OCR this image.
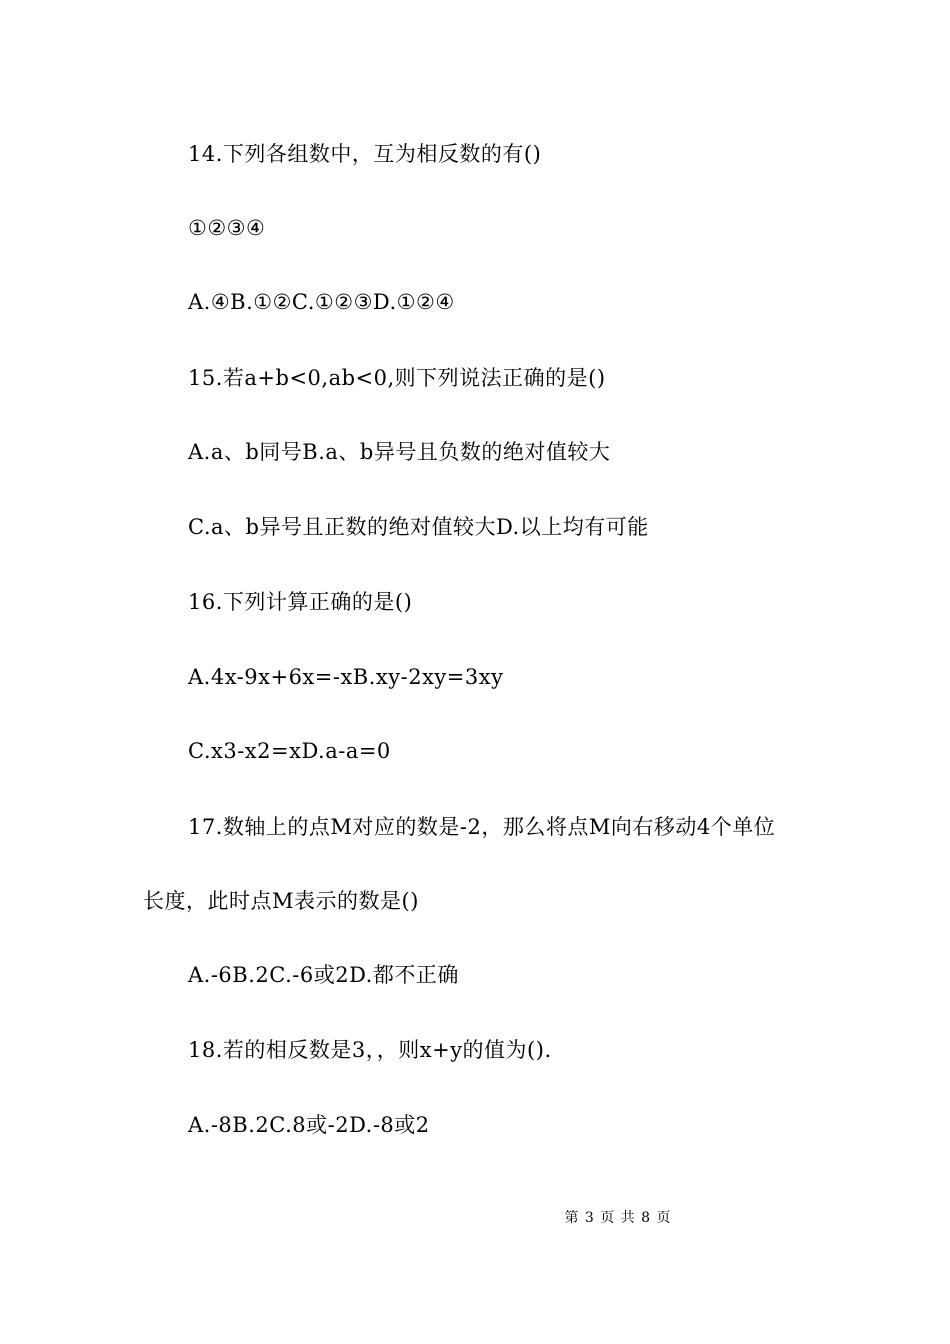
14.下列各组数中，互为相反数的有()
①②③④
A.④B.①②C.①②③D.①②④
15.若a+b<0,ab<0,则下列说法正确的是()
A.a、b同号B.a、b异号且负数的绝对值较大
C.a、b异号且正数的绝对值较大D.以上均有可能
16.下列计算正确的是()
A.4x-9x+6x=-xB.xy-2xy=3xy
C.x3-x2=xD.a-a=0
17.数轴上的点M对应的数是-2，那么将点M向右移动4个单位
长度，此时点M表示的数是()
A.-6B.2C.-6或2D.都不正确
18.若的相反数是3，，则x+y的值为().
A.-8B.2C.8或-2D.-8或2
第 3 页 共 8 页
